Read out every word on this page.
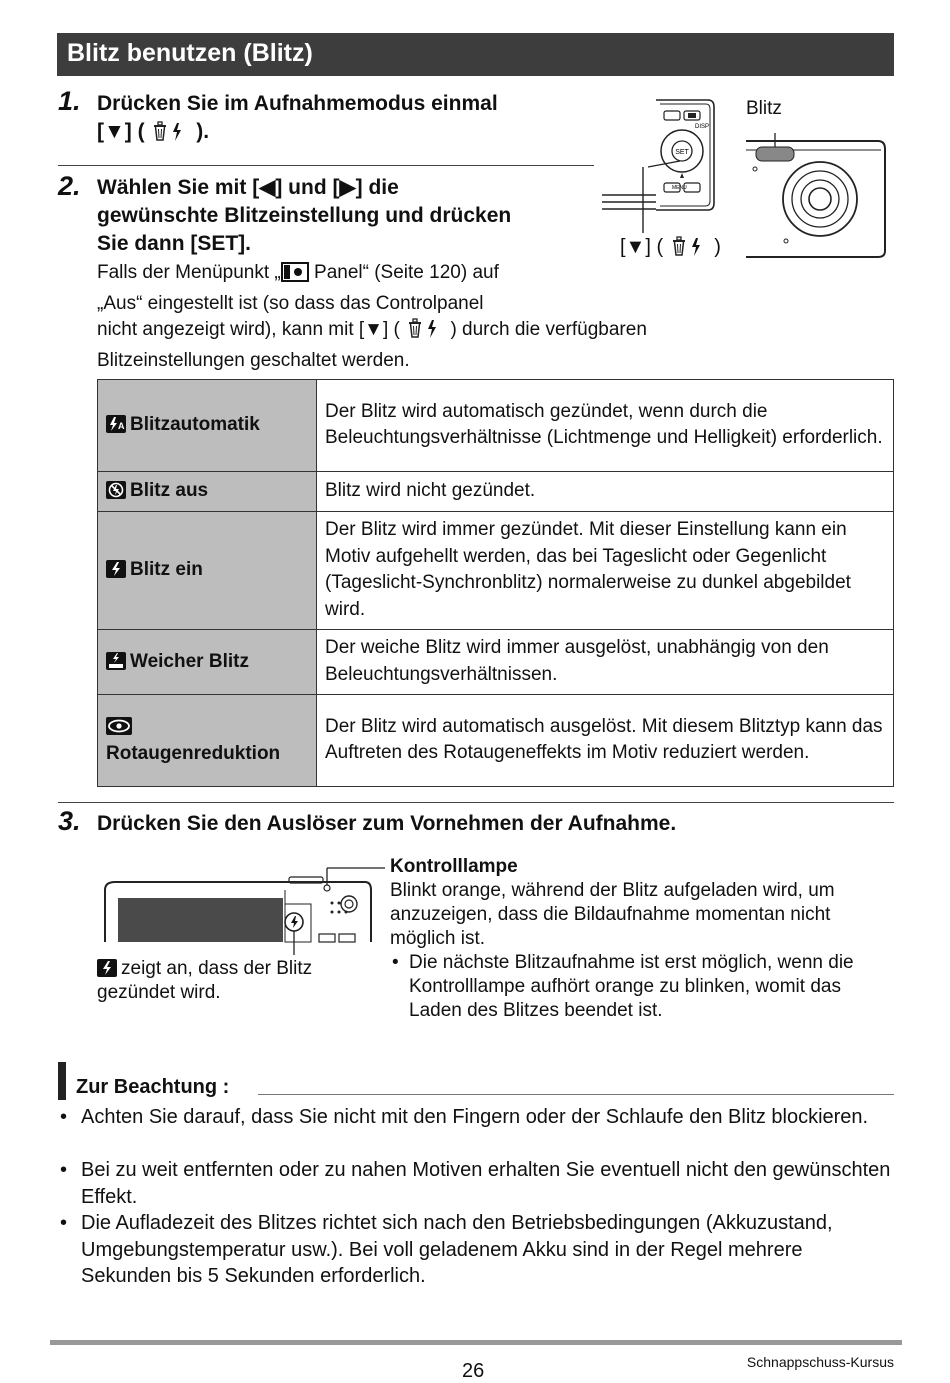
Blitz benutzen (Blitz)
1. Drücken Sie im Aufnahmemodus einmal
[▼] ( ).
SET
DISP
MENU
Blitz
[▼] (	)
2. Wählen Sie mit [◀] und [▶] die
gewünschte Blitzeinstellung und drücken
Sie dann [SET].
Falls der Menüpunkt „ Panel“ (Seite 120) auf
„Aus“ eingestellt ist (so dass das Controlpanel
nicht angezeigt wird), kann mit [▼] (	) durch die verfügbaren
Blitzeinstellungen geschaltet werden.
A Blitzautomatik	Der Blitz wird automatisch gezündet, wenn durch die Beleuchtungsverhältnisse (Lichtmenge und Helligkeit) erforderlich.

Blitz aus	Blitz wird nicht gezündet.

Blitz ein	Der Blitz wird immer gezündet. Mit dieser Einstellung kann ein Motiv aufgehellt werden, das bei Tageslicht oder Gegenlicht (Tageslicht-Synchronblitz) normalerweise zu dunkel abgebildet wird.

Weicher Blitz	Der weiche Blitz wird immer ausgelöst, unabhängig von den Beleuchtungsverhältnissen.

Rotaugenreduktion	Der Blitz wird automatisch ausgelöst. Mit diesem Blitztyp kann das Auftreten des Rotaugeneffekts im Motiv reduziert werden.
3. Drücken Sie den Auslöser zum Vornehmen der Aufnahme.
zeigt an, dass der Blitz
gezündet wird.
Kontrolllampe
Blinkt orange, während der Blitz aufgeladen wird, um anzuzeigen, dass die Bildaufnahme momentan nicht möglich ist.
• Die nächste Blitzaufnahme ist erst möglich, wenn die Kontrolllampe aufhört orange zu blinken, womit das Laden des Blitzes beendet ist.
Zur Beachtung :
• Achten Sie darauf, dass Sie nicht mit den Fingern oder der Schlaufe den Blitz blockieren.
• Bei zu weit entfernten oder zu nahen Motiven erhalten Sie eventuell nicht den gewünschten Effekt.
• Die Aufladezeit des Blitzes richtet sich nach den Betriebsbedingungen (Akkuzustand, Umgebungstemperatur usw.). Bei voll geladenem Akku sind in der Regel mehrere Sekunden bis 5 Sekunden erforderlich.
26	Schnappschuss-Kursus
